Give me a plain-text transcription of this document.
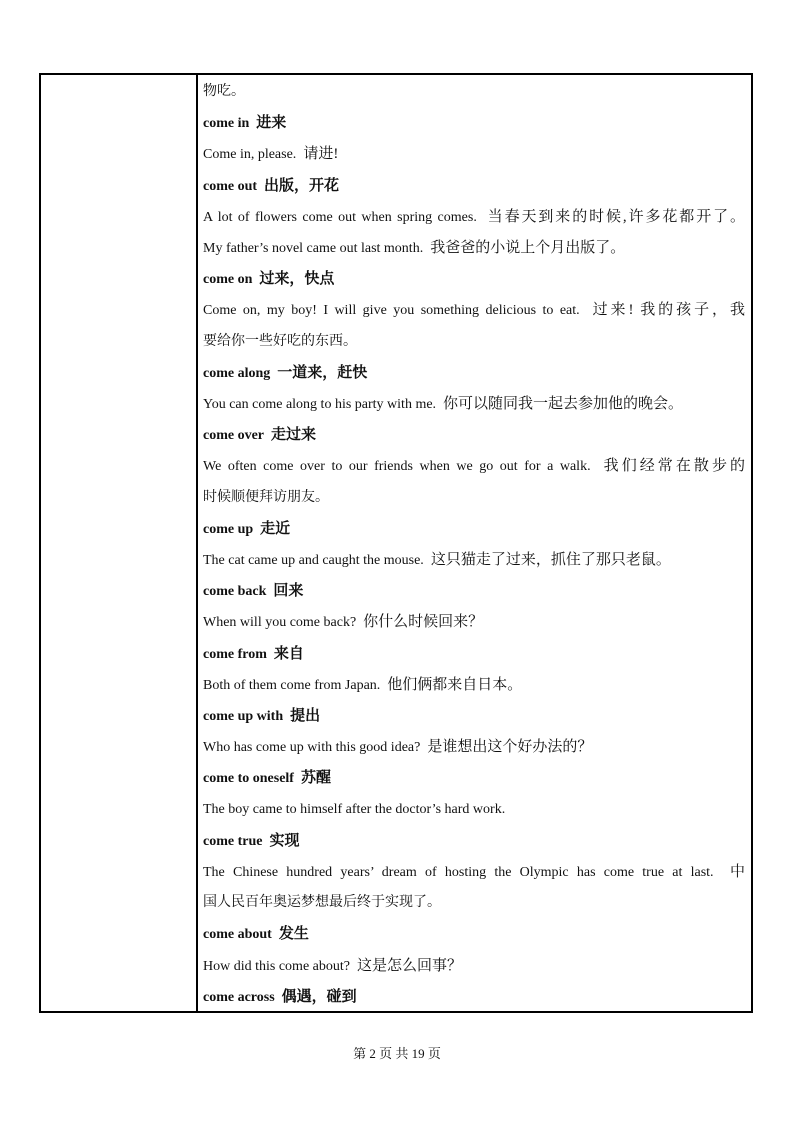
物吃。
come in 进来
Come in, please. 请进!
come out 出版，开花
A lot of flowers come out when spring comes. 当春天到来的时候,许多花都开了。
My father’s novel came out last month. 我爸爸的小说上个月出版了。
come on 过来，快点
Come on, my boy! I will give you something delicious to eat. 过来! 我的孩子，我
要给你一些好吃的东西。
come along 一道来，赶快
You can come along to his party with me. 你可以随同我一起去参加他的晚会。
come over 走过来
We often come over to our friends when we go out for a walk. 我们经常在散步的
时候顺便拜访朋友。
come up 走近
The cat came up and caught the mouse. 这只猫走了过来，抓住了那只老鼠。
come back 回来
When will you come back? 你什么时候回来？
come from 来自
Both of them come from Japan. 他们俩都来自日本。
come up with 提出
Who has come up with this good idea? 是谁想出这个好办法的？
come to oneself 苏醒
The boy came to himself after the doctor’s hard work.
come true 实现
The Chinese hundred years’ dream of hosting the Olympic has come true at last. 中
国人民百年奥运梦想最后终于实现了。
come about 发生
How did this come about? 这是怎么回事？
come across 偶遇，碰到
第 2 页 共 19 页
